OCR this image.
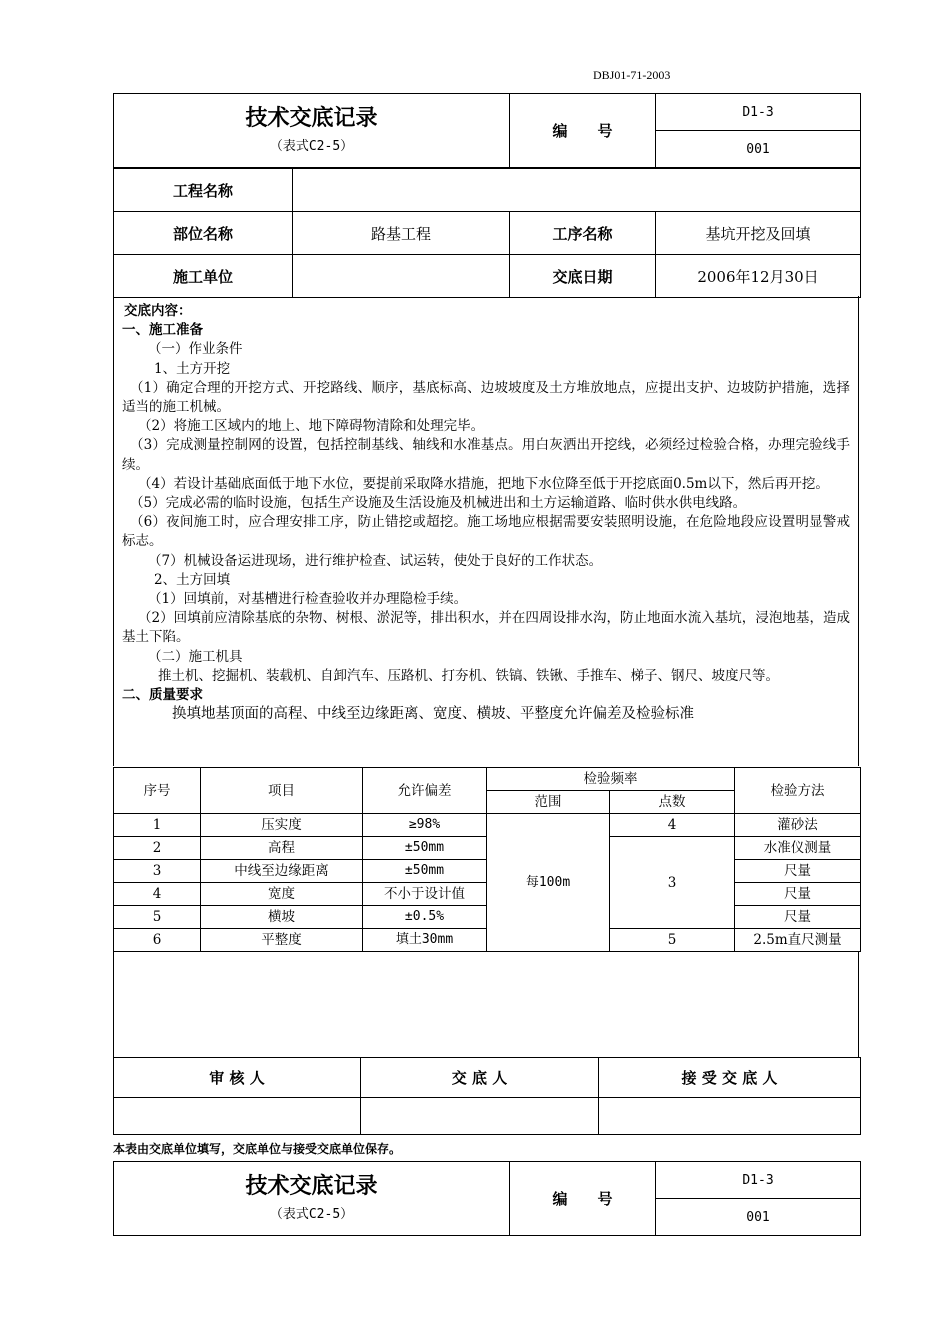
DBJ01-71-2003
技术交底记录
（表式C2-5）
	编　　号	D1-3
001
工程名称			
部位名称	路基工程	工序名称	基坑开挖及回填
施工单位		交底日期	2006年12月30日

交底内容：

一、施工准备

（一）作业条件

1、土方开挖

（1）确定合理的开挖方式、开挖路线、顺序，基底标高、边坡坡度及土方堆放地点，应提出支护、边坡防护措施，选择适当的施工机械。

（2）将施工区域内的地上、地下障碍物清除和处理完毕。

（3）完成测量控制网的设置，包括控制基线、轴线和水准基点。用白灰洒出开挖线，必须经过检验合格，办理完验线手续。

（4）若设计基础底面低于地下水位，要提前采取降水措施，把地下水位降至低于开挖底面0.5m以下，然后再开挖。

（5）完成必需的临时设施，包括生产设施及生活设施及机械进出和土方运输道路、临时供水供电线路。

（6）夜间施工时，应合理安排工序，防止错挖或超挖。施工场地应根据需要安装照明设施，在危险地段应设置明显警戒标志。

（7）机械设备运进现场，进行维护检查、试运转，使处于良好的工作状态。

2、土方回填

（1）回填前，对基槽进行检查验收并办理隐检手续。

（2）回填前应清除基底的杂物、树根、淤泥等，排出积水，并在四周设排水沟，防止地面水流入基坑，浸泡地基，造成基土下陷。

（二）施工机具

推土机、挖掘机、装载机、自卸汽车、压路机、打夯机、铁镐、铁锹、手推车、梯子、钢尺、坡度尺等。

二、质量要求

换填地基顶面的高程、中线至边缘距离、宽度、横坡、平整度允许偏差及检验标准

序号	项目	允许偏差	检验频率		检验方法
			范围	点数	
1	压实度	≥98%	每100m	4	灌砂法
2	高程	±50mm		3	水准仪测量
3	中线至边缘距离	±50mm			尺量
4	宽度	不小于设计值			尺量
5	横坡	±0.5%			尺量
6	平整度	填土30mm		5	2.5m直尺测量
审 核 人	交 底 人	接 受 交 底 人

本表由交底单位填写，交底单位与接受交底单位保存。
技术交底记录
（表式C2-5）
	编　　号	D1-3
001
